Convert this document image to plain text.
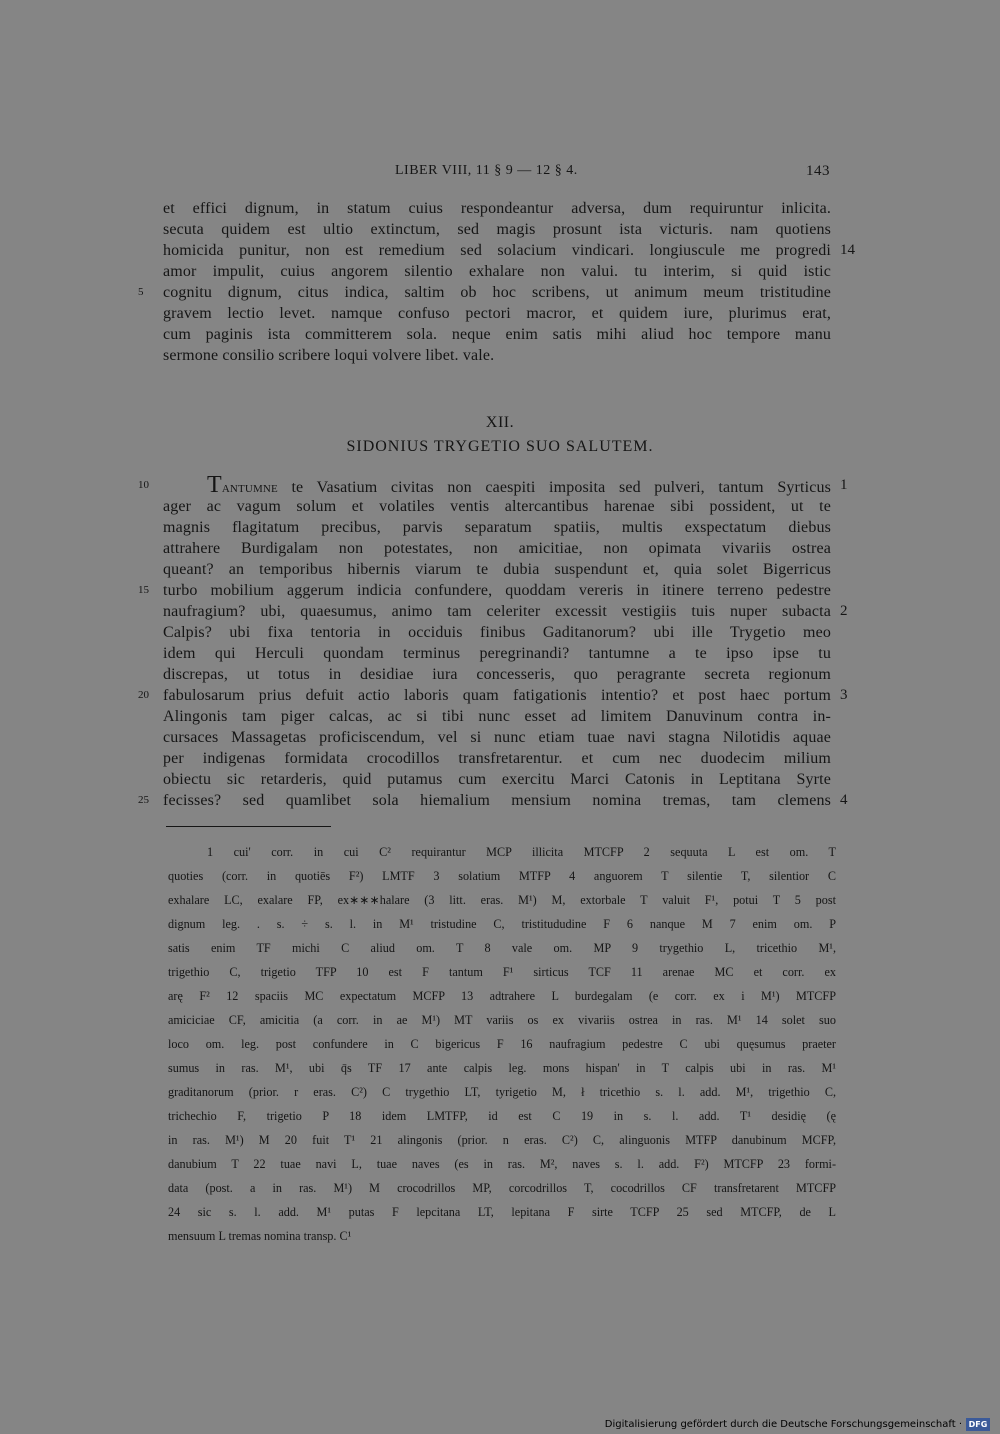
LIBER VIII, 11 § 9 — 12 § 4.	143
et effici dignum, in statum cuius respondeantur adversa, dum requiruntur inlicita.
secuta quidem est ultio extinctum, sed magis prosunt ista victuris. nam quotiens
homicida punitur, non est remedium sed solacium vindicari. longiuscule me progredi
amor impulit, cuius angorem silentio exhalare non valui. tu interim, si quid istic
cognitu dignum, citus indica, saltim ob hoc scribens, ut animum meum tristitudine
gravem lectio levet. namque confuso pectori macror, et quidem iure, plurimus erat,
cum paginis ista committerem sola. neque enim satis mihi aliud hoc tempore manu
sermone consilio scribere loqui volvere libet. vale.
5
14
XII.
SIDONIUS TRYGETIO SUO SALUTEM.
Tantumne te Vasatium civitas non caespiti imposita sed pulveri, tantum Syrticus
ager ac vagum solum et volatiles ventis altercantibus harenae sibi possident, ut te
magnis flagitatum precibus, parvis separatum spatiis, multis exspectatum diebus
attrahere Burdigalam non potestates, non amicitiae, non opimata vivariis ostrea
queant? an temporibus hibernis viarum te dubia suspendunt et, quia solet Bigerricus
turbo mobilium aggerum indicia confundere, quoddam vereris in itinere terreno pedestre
naufragium? ubi, quaesumus, animo tam celeriter excessit vestigiis tuis nuper subacta
Calpis? ubi fixa tentoria in occiduis finibus Gaditanorum? ubi ille Trygetio meo
idem qui Herculi quondam terminus peregrinandi? tantumne a te ipso ipse tu
discrepas, ut totus in desidiae iura concesseris, quo peragrante secreta regionum
fabulosarum prius defuit actio laboris quam fatigationis intentio? et post haec portum
Alingonis tam piger calcas, ac si tibi nunc esset ad limitem Danuvinum contra in-
cursaces Massagetas proficiscendum, vel si nunc etiam tuae navi stagna Nilotidis aquae
per indigenas formidata crocodillos transfretarentur. et cum nec duodecim milium
obiectu sic retarderis, quid putamus cum exercitu Marci Catonis in Leptitana Syrte
fecisses? sed quamlibet sola hiemalium mensium nomina tremas, tam clemens
10
15
20
25
1
2
3
4
1 cui' corr. in cui C² requirantur MCP illicita MTCFP 2 sequuta L est om. T
quoties (corr. in quotiēs F²) LMTF 3 solatium MTFP 4 anguorem T silentie T, silentior C
exhalare LC, exalare FP, ex∗∗∗halare (3 litt. eras. M¹) M, extorbale T valuit F¹, potui T 5 post
dignum leg. . s. ÷ s. l. in M¹ tristudine C, tristitududine F 6 nanque M 7 enim om. P
satis enim TF michi C aliud om. T 8 vale om. MP 9 trygethio L, tricethio M¹,
trigethio C, trigetio TFP 10 est F tantum F¹ sirticus TCF 11 arenae MC et corr. ex
arę F² 12 spaciis MC expectatum MCFP 13 adtrahere L burdegalam (e corr. ex i M¹) MTCFP
amiciciae CF, amicitia (a corr. in ae M¹) MT variis os ex vivariis ostrea in ras. M¹ 14 solet suo
loco om. leg. post confundere in C bigericus F 16 naufragium pedestre C ubi quęsumus praeter
sumus in ras. M¹, ubi q̄s TF 17 ante calpis leg. mons hispan' in T calpis ubi in ras. M¹
graditanorum (prior. r eras. C²) C trygethio LT, tyrigetio M, ł tricethio s. l. add. M¹, trigethio C,
trichechio F, trigetio P 18 idem LMTFP, id est C 19 in s. l. add. T¹ desidię (ę
in ras. M¹) M 20 fuit T¹ 21 alingonis (prior. n eras. C²) C, alinguonis MTFP danubinum MCFP,
danubium T 22 tuae navi L, tuae naves (es in ras. M², naves s. l. add. F²) MTCFP 23 formi-
data (post. a in ras. M¹) M crocodrillos MP, corcodrillos T, cocodrillos CF transfretarent MTCFP
24 sic s. l. add. M¹ putas F lepcitana LT, lepitana F sirte TCFP 25 sed MTCFP, de L
mensuum L tremas nomina transp. C¹
Digitalisierung gefördert durch die Deutsche Forschungsgemeinschaft · DFG
